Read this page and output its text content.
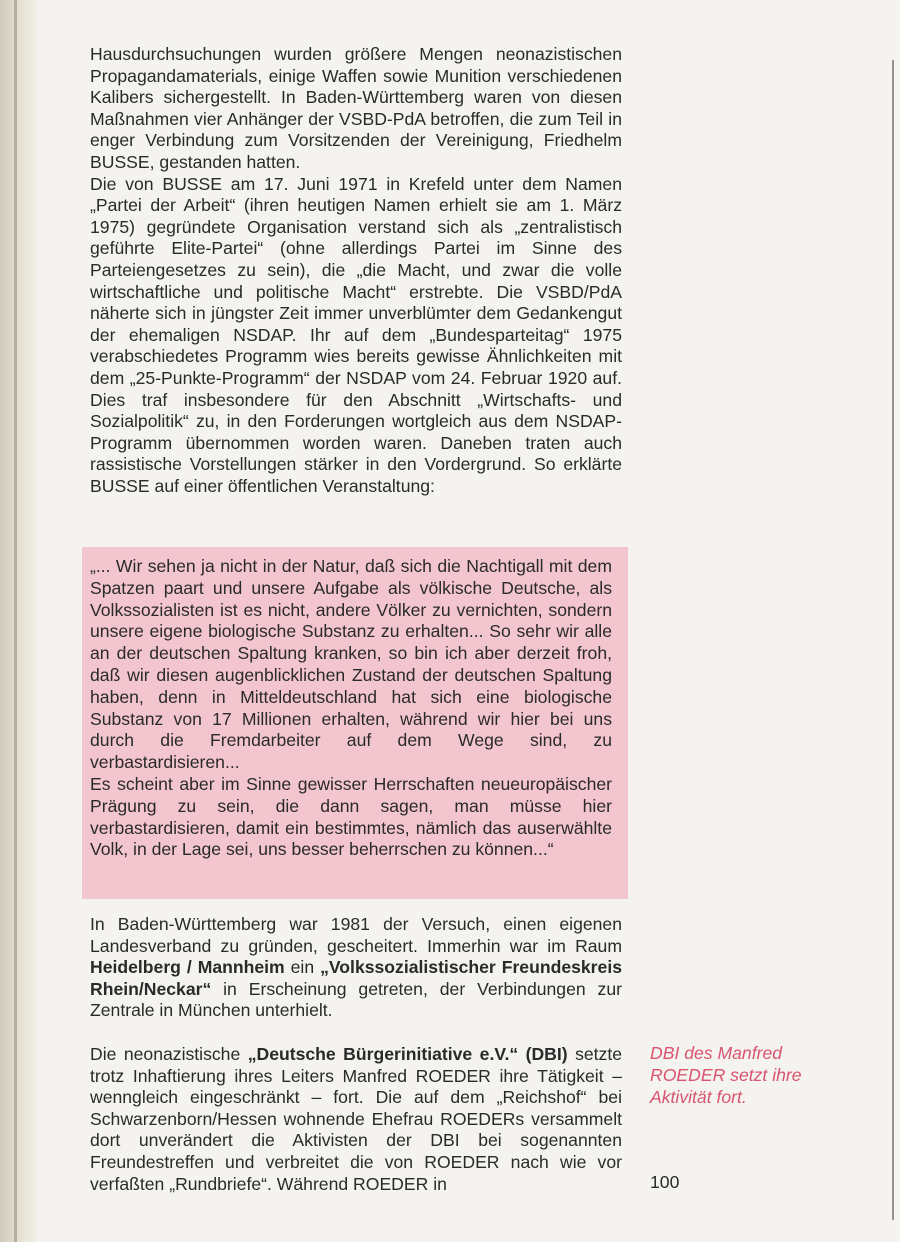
Hausdurchsuchungen wurden größere Mengen neonazistischen Propagandamaterials, einige Waffen sowie Munition verschiedenen Kalibers sichergestellt. In Baden-Württemberg waren von diesen Maßnahmen vier Anhänger der VSBD-PdA betroffen, die zum Teil in enger Verbindung zum Vorsitzenden der Vereinigung, Friedhelm BUSSE, gestanden hatten.

Die von BUSSE am 17. Juni 1971 in Krefeld unter dem Namen „Partei der Arbeit“ (ihren heutigen Namen erhielt sie am 1. März 1975) gegründete Organisation verstand sich als „zentralistisch geführte Elite-Partei“ (ohne allerdings Partei im Sinne des Parteiengesetzes zu sein), die „die Macht, und zwar die volle wirtschaftliche und politische Macht“ erstrebte. Die VSBD/PdA näherte sich in jüngster Zeit immer unverblümter dem Gedankengut der ehemaligen NSDAP. Ihr auf dem „Bundesparteitag“ 1975 verabschiedetes Programm wies bereits gewisse Ähnlichkeiten mit dem „25-Punkte-Programm“ der NSDAP vom 24. Februar 1920 auf. Dies traf insbesondere für den Abschnitt „Wirtschafts- und Sozialpolitik“ zu, in den Forderungen wortgleich aus dem NSDAP-Programm übernommen worden waren. Daneben traten auch rassistische Vorstellungen stärker in den Vordergrund. So erklärte BUSSE auf einer öffentlichen Veranstaltung:

„... Wir sehen ja nicht in der Natur, daß sich die Nachtigall mit dem Spatzen paart und unsere Aufgabe als völkische Deutsche, als Volkssozialisten ist es nicht, andere Völker zu vernichten, sondern unsere eigene biologische Substanz zu erhalten... So sehr wir alle an der deutschen Spaltung kranken, so bin ich aber derzeit froh, daß wir diesen augenblicklichen Zustand der deutschen Spaltung haben, denn in Mitteldeutschland hat sich eine biologische Substanz von 17 Millionen erhalten, während wir hier bei uns durch die Fremdarbeiter auf dem Wege sind, zu verbastardisieren...

Es scheint aber im Sinne gewisser Herrschaften neueuropäischer Prägung zu sein, die dann sagen, man müsse hier verbastardisieren, damit ein bestimmtes, nämlich das auserwählte Volk, in der Lage sei, uns besser beherrschen zu können...“

In Baden-Württemberg war 1981 der Versuch, einen eigenen Landesverband zu gründen, gescheitert. Immerhin war im Raum Heidelberg / Mannheim ein „Volkssozialistischer Freundeskreis Rhein/Neckar“ in Erscheinung getreten, der Verbindungen zur Zentrale in München unterhielt.

Die neonazistische „Deutsche Bürgerinitiative e.V.“ (DBI) setzte trotz Inhaftierung ihres Leiters Manfred ROEDER ihre Tätigkeit – wenngleich eingeschränkt – fort. Die auf dem „Reichshof“ bei Schwarzenborn/Hessen wohnende Ehefrau ROEDERs versammelt dort unverändert die Aktivisten der DBI bei sogenannten Freundestreffen und verbreitet die von ROEDER nach wie vor verfaßten „Rundbriefe“. Während ROEDER in

DBI des Manfred ROEDER setzt ihre Aktivität fort.
100
